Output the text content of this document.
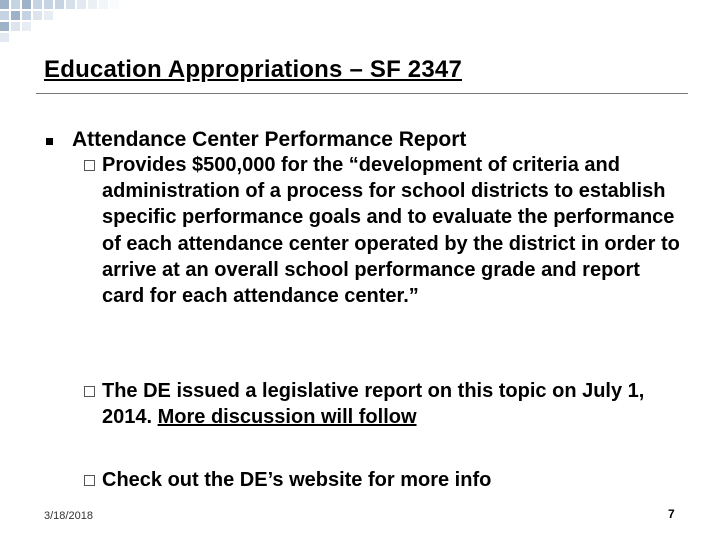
Education Appropriations – SF 2347
Attendance Center Performance Report
Provides $500,000 for the “development of criteria and administration of a process for school districts to establish specific performance goals and to evaluate the performance of each attendance center operated by the district in order to arrive at an overall school performance grade and report card for each attendance center.”
The DE issued a legislative report on this topic on July 1, 2014. More discussion will follow
Check out the DE’s website for more info
3/18/2018	7
